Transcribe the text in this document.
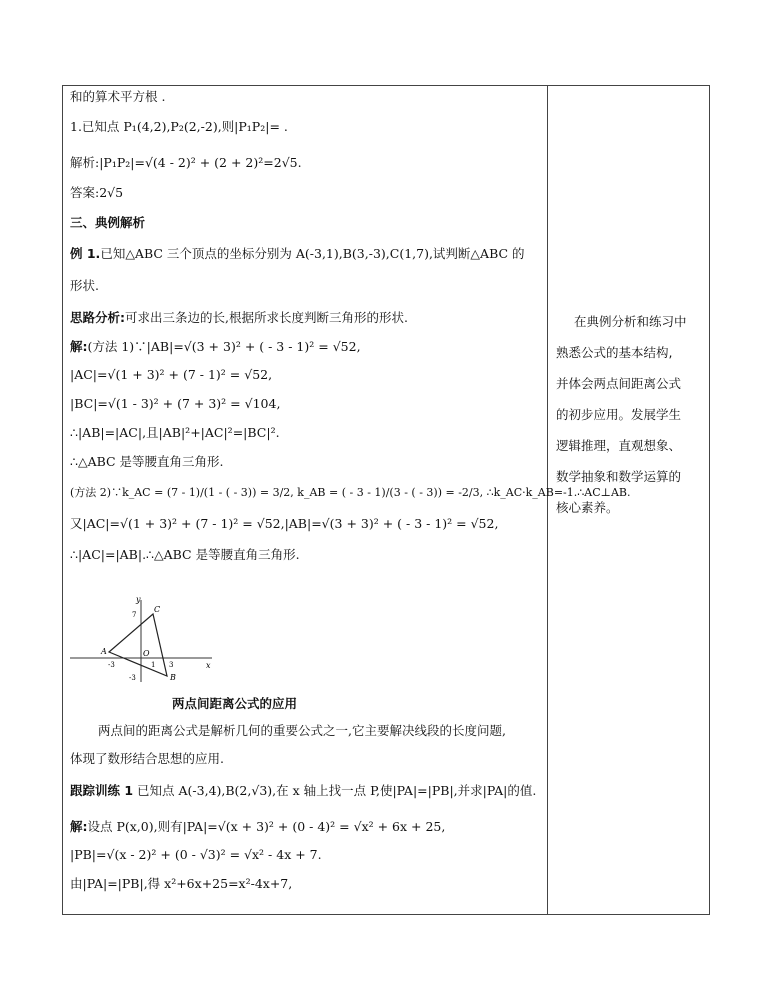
和的算术平方根 .
1.已知点 P₁(4,2),P₂(2,-2),则|P₁P₂|= .
解析:|P₁P₂|=√(4 - 2)² + (2 + 2)²=2√5.
答案:2√5
三、典例解析
例 1.已知△ABC 三个顶点的坐标分别为 A(-3,1),B(3,-3),C(1,7),试判断△ABC 的
形状.
思路分析:可求出三条边的长,根据所求长度判断三角形的形状.
解:(方法 1)∵|AB|=√(3 + 3)² + ( - 3 - 1)² = √52,
|AC|=√(1 + 3)² + (7 - 1)² = √52,
|BC|=√(1 - 3)² + (7 + 3)² = √104,
∴|AB|=|AC|,且|AB|²+|AC|²=|BC|².
∴△ABC 是等腰直角三角形.
(方法 2)∵k_AC = (7 - 1)/(1 - ( - 3)) = 3/2, k_AB = ( - 3 - 1)/(3 - ( - 3)) = -2/3, ∴k_AC·k_AB=-1.∴AC⊥AB.
又|AC|=√(1 + 3)² + (7 - 1)² = √52,|AB|=√(3 + 3)² + ( - 3 - 1)² = √52,
∴|AC|=|AB|.∴△ABC 是等腰直角三角形.
两点间的距离公式是解析几何的重要公式之一,它主要解决线段的长度问题,
体现了数形结合思想的应用.
跟踪训练 1 已知点 A(-3,4),B(2,√3),在 x 轴上找一点 P,使|PA|=|PB|,并求|PA|的值.
解:设点 P(x,0),则有|PA|=√(x + 3)² + (0 - 4)² = √x² + 6x + 25,
|PB|=√(x - 2)² + (0 - √3)² = √x² - 4x + 7.
由|PA|=|PB|,得 x²+6x+25=x²-4x+7,
y
x
C
A
B
O
7
-3	1 3
-3
两点间距离公式的应用

在典例分析和练习中

熟悉公式的基本结构,

并体会两点间距离公式

的初步应用。发展学生

逻辑推理，直观想象、

数学抽象和数学运算的

核心素养。
